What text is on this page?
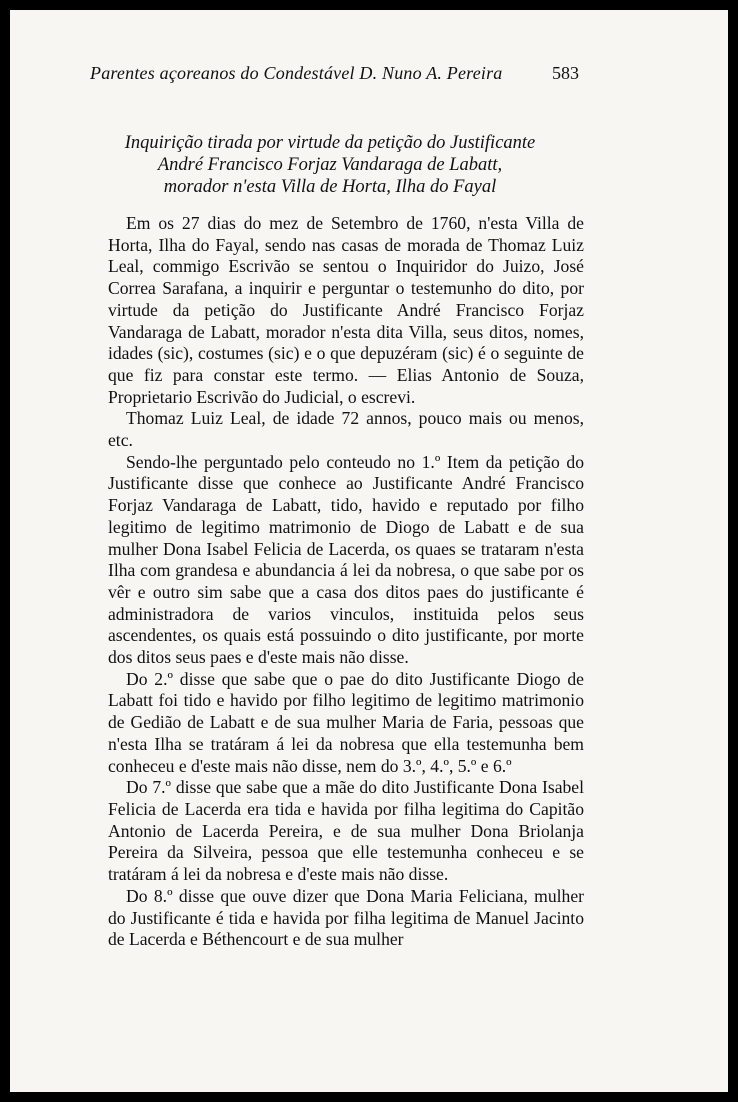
Parentes açoreanos do Condestável D. Nuno A. Pereira	583
Inquirição tirada por virtude da petição do Justificante
André Francisco Forjaz Vandaraga de Labatt,
morador n'esta Villa de Horta, Ilha do Fayal

Em os 27 dias do mez de Setembro de 1760, n'esta Villa de Horta, Ilha do Fayal, sendo nas casas de morada de Thomaz Luiz Leal, commigo Escrivão se sentou o Inquiridor do Juizo, José Correa Sarafana, a inquirir e perguntar o testemunho do dito, por virtude da petição do Justificante André Francisco Forjaz Vandaraga de Labatt, morador n'esta dita Villa, seus ditos, nomes, idades (sic), costumes (sic) e o que depuzéram (sic) é o seguinte de que fiz para constar este termo. — Elias Antonio de Souza, Proprietario Escrivão do Judicial, o escrevi.

Thomaz Luiz Leal, de idade 72 annos, pouco mais ou menos, etc.

Sendo-lhe perguntado pelo conteudo no 1.º Item da petição do Justificante disse que conhece ao Justificante André Francisco Forjaz Vandaraga de Labatt, tido, havido e reputado por filho legitimo de legitimo matrimonio de Diogo de Labatt e de sua mulher Dona Isabel Felicia de Lacerda, os quaes se trataram n'esta Ilha com grandesa e abundancia á lei da nobresa, o que sabe por os vêr e outro sim sabe que a casa dos ditos paes do justificante é administradora de varios vinculos, instituida pelos seus ascendentes, os quais está possuindo o dito justificante, por morte dos ditos seus paes e d'este mais não disse.

Do 2.º disse que sabe que o pae do dito Justificante Diogo de Labatt foi tido e havido por filho legitimo de legitimo matrimonio de Gedião de Labatt e de sua mulher Maria de Faria, pessoas que n'esta Ilha se tratáram á lei da nobresa que ella testemunha bem conheceu e d'este mais não disse, nem do 3.º, 4.º, 5.º e 6.º

Do 7.º disse que sabe que a mãe do dito Justificante Dona Isabel Felicia de Lacerda era tida e havida por filha legitima do Capitão Antonio de Lacerda Pereira, e de sua mulher Dona Briolanja Pereira da Silveira, pessoa que elle testemunha conheceu e se tratáram á lei da nobresa e d'este mais não disse.

Do 8.º disse que ouve dizer que Dona Maria Feliciana, mulher do Justificante é tida e havida por filha legitima de Manuel Jacinto de Lacerda e Béthencourt e de sua mulher
